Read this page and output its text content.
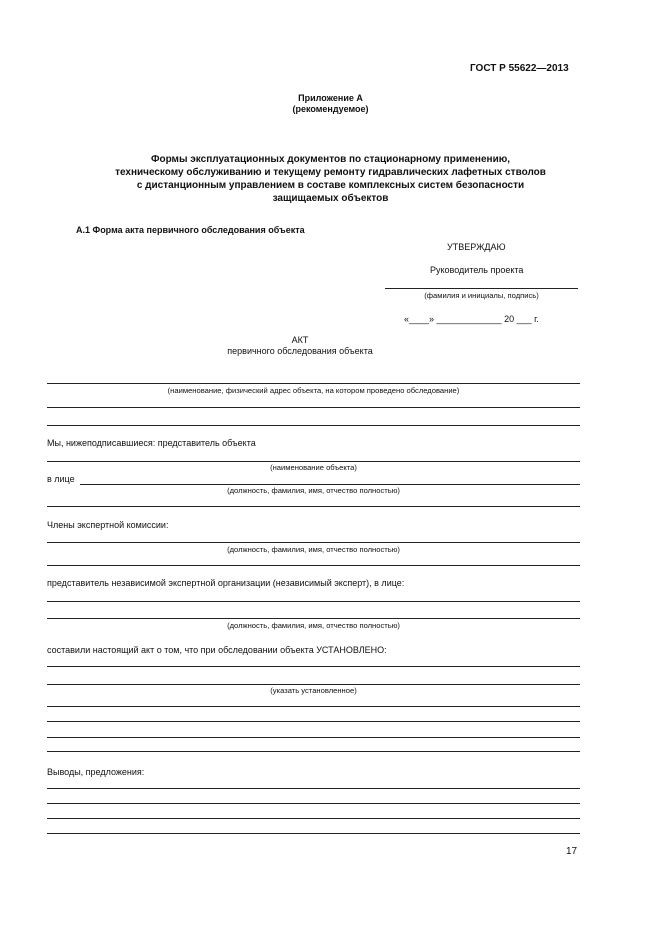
ГОСТ Р 55622—2013
Приложение А
(рекомендуемое)
Формы эксплуатационных документов по стационарному применению,
техническому обслуживанию и текущему ремонту гидравлических лафетных стволов
с дистанционным управлением в составе комплексных систем безопасности
защищаемых объектов
А.1 Форма акта первичного обследования объекта
УТВЕРЖДАЮ
Руководитель проекта
(фамилия и инициалы, подпись)
«____» _____________ 20 ___ г.
АКТ
первичного обследования объекта
(наименование, физический адрес объекта, на котором проведено обследование)
Мы, нижеподписавшиеся: представитель объекта
(наименование объекта)
в лице
(должность, фамилия, имя, отчество полностью)
Члены экспертной комиссии:
(должность, фамилия, имя, отчество полностью)
представитель независимой экспертной организации (независимый эксперт), в лице:
(должность, фамилия, имя, отчество полностью)
составили настоящий акт о том, что при обследовании объекта УСТАНОВЛЕНО:
(указать установленное)
Выводы, предложения:
17
